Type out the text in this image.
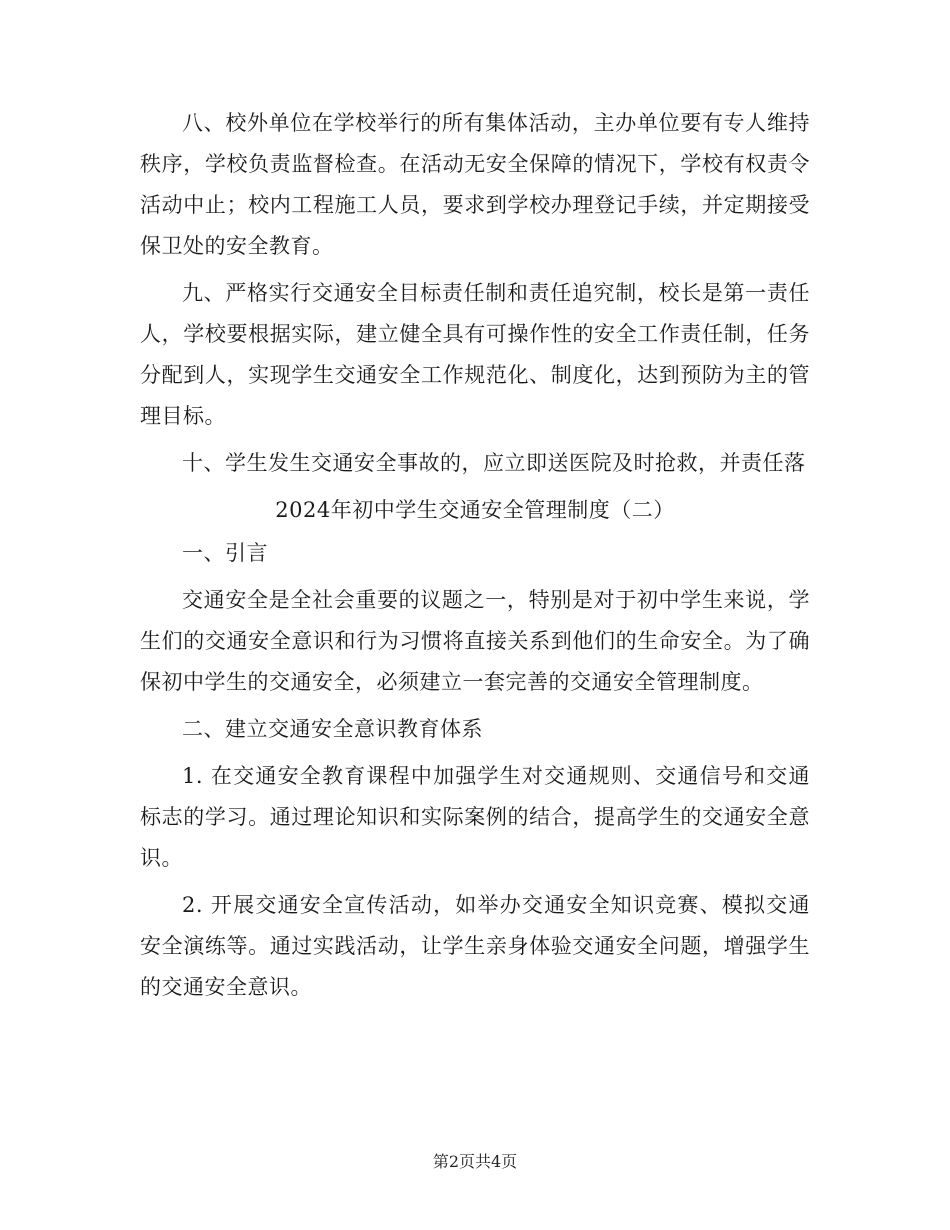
八、校外单位在学校举行的所有集体活动，主办单位要有专人维持秩序，学校负责监督检查。在活动无安全保障的情况下，学校有权责令活动中止；校内工程施工人员，要求到学校办理登记手续，并定期接受保卫处的安全教育。

九、严格实行交通安全目标责任制和责任追究制，校长是第一责任人，学校要根据实际，建立健全具有可操作性的安全工作责任制，任务分配到人，实现学生交通安全工作规范化、制度化，达到预防为主的管理目标。

十、学生发生交通安全事故的，应立即送医院及时抢救，并责任落

2024年初中学生交通安全管理制度（二）

一、引言

交通安全是全社会重要的议题之一，特别是对于初中学生来说，学生们的交通安全意识和行为习惯将直接关系到他们的生命安全。为了确保初中学生的交通安全，必须建立一套完善的交通安全管理制度。

二、建立交通安全意识教育体系

1. 在交通安全教育课程中加强学生对交通规则、交通信号和交通标志的学习。通过理论知识和实际案例的结合，提高学生的交通安全意识。

2. 开展交通安全宣传活动，如举办交通安全知识竞赛、模拟交通安全演练等。通过实践活动，让学生亲身体验交通安全问题，增强学生的交通安全意识。

第2页共4页
